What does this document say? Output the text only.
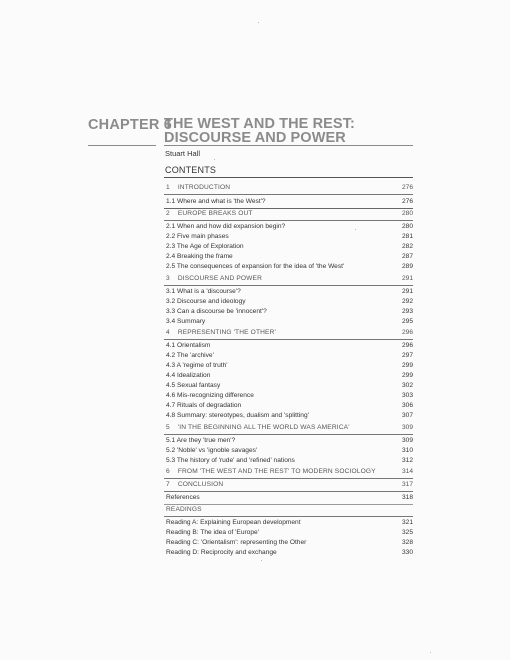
CHAPTER 6
THE WEST AND THE REST: DISCOURSE AND POWER
Stuart Hall
CONTENTS
1 INTRODUCTION	276
1.1 Where and what is 'the West'?	276
2 EUROPE BREAKS OUT	280
2.1 When and how did expansion begin?	280
2.2 Five main phases	281
2.3 The Age of Exploration	282
2.4 Breaking the frame	287
2.5 The consequences of expansion for the idea of 'the West'	289
3 DISCOURSE AND POWER	291
3.1 What is a 'discourse'?	291
3.2 Discourse and ideology	292
3.3 Can a discourse be 'innocent'?	293
3.4 Summary	295
4 REPRESENTING 'THE OTHER'	296
4.1 Orientalism	296
4.2 The 'archive'	297
4.3 A 'regime of truth'	299
4.4 Idealization	299
4.5 Sexual fantasy	302
4.6 Mis-recognizing difference	303
4.7 Rituals of degradation	306
4.8 Summary: stereotypes, dualism and 'splitting'	307
5 'IN THE BEGINNING ALL THE WORLD WAS AMERICA'	309
5.1 Are they 'true men'?	309
5.2 'Noble' vs 'ignoble savages'	310
5.3 The history of 'rude' and 'refined' nations	312
6 FROM 'THE WEST AND THE REST' TO MODERN SOCIOLOGY	314
7 CONCLUSION	317
References	318
READINGS
Reading A: Explaining European development	321
Reading B: The idea of 'Europe'	325
Reading C: 'Orientalism': representing the Other	328
Reading D: Reciprocity and exchange	330
